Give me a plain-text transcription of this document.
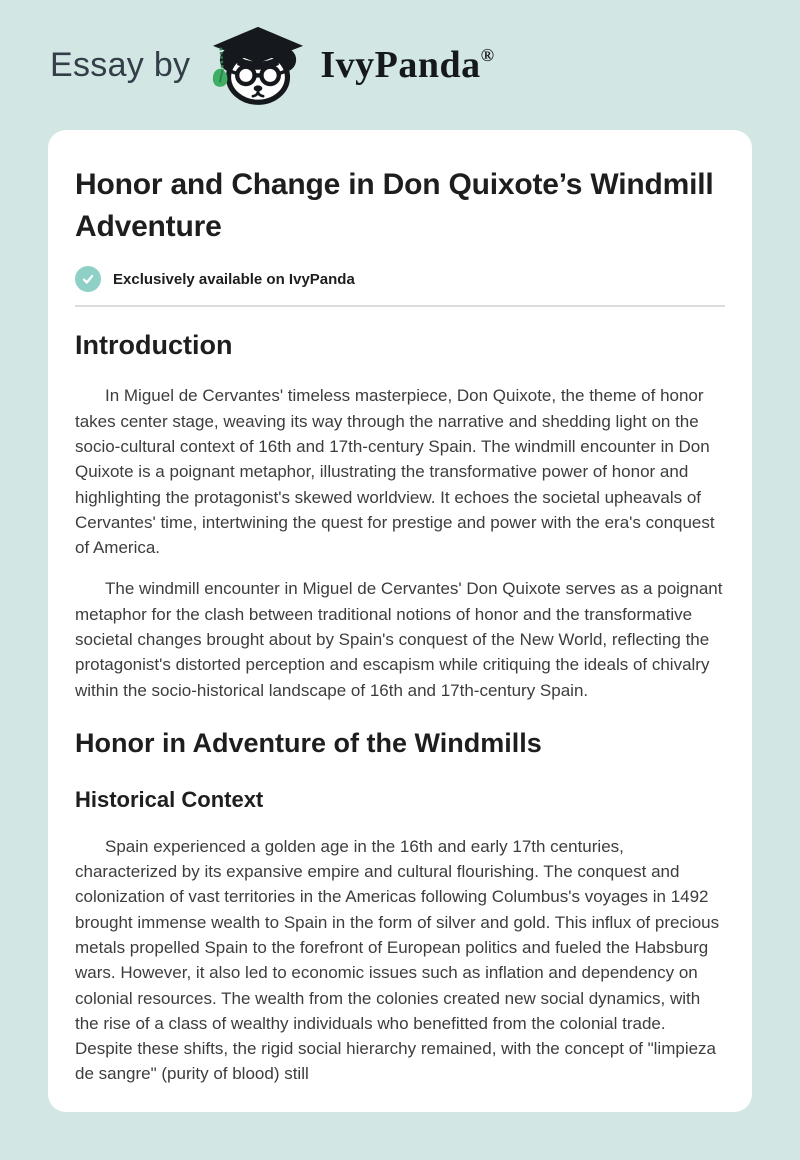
Essay by	IvyPanda®
Honor and Change in Don Quixote’s Windmill Adventure
Exclusively available on IvyPanda
Introduction

In Miguel de Cervantes' timeless masterpiece, Don Quixote, the theme of honor takes center stage, weaving its way through the narrative and shedding light on the socio-cultural context of 16th and 17th-century Spain. The windmill encounter in Don Quixote is a poignant metaphor, illustrating the transformative power of honor and highlighting the protagonist's skewed worldview. It echoes the societal upheavals of Cervantes' time, intertwining the quest for prestige and power with the era's conquest of America.

The windmill encounter in Miguel de Cervantes' Don Quixote serves as a poignant metaphor for the clash between traditional notions of honor and the transformative societal changes brought about by Spain's conquest of the New World, reflecting the protagonist's distorted perception and escapism while critiquing the ideals of chivalry within the socio-historical landscape of 16th and 17th-century Spain.

Honor in Adventure of the Windmills
Historical Context

Spain experienced a golden age in the 16th and early 17th centuries, characterized by its expansive empire and cultural flourishing. The conquest and colonization of vast territories in the Americas following Columbus's voyages in 1492 brought immense wealth to Spain in the form of silver and gold. This influx of precious metals propelled Spain to the forefront of European politics and fueled the Habsburg wars. However, it also led to economic issues such as inflation and dependency on colonial resources. The wealth from the colonies created new social dynamics, with the rise of a class of wealthy individuals who benefitted from the colonial trade. Despite these shifts, the rigid social hierarchy remained, with the concept of "limpieza de sangre" (purity of blood) still
